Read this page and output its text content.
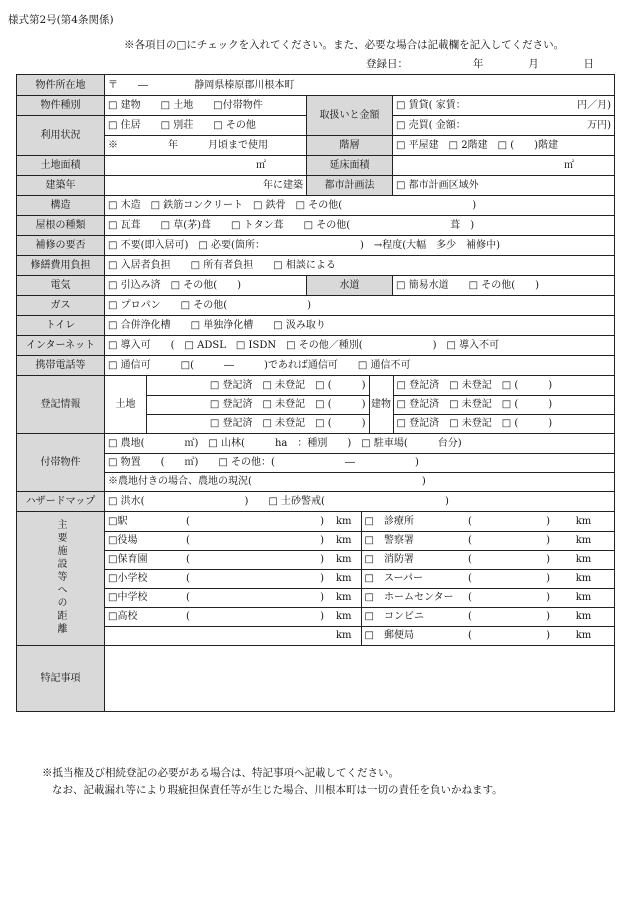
様式第2号(第4条関係)
※各項目の□にチェックを入れてください。また、必要な場合は記載欄を記入してください。
登録日：	年	月	日
物件所在地	〒　　―	静岡県榛原郡川根本町
物件種別	□ 建物　　□ 土地　　□付帯物件	取扱いと金額	□ 賃貸( 家賃：	円／月)

利用状況	□ 住居　　□ 別荘　　□ その他	□ 売買( 金額：	万円)

※　　　　　年　　　月頃まで使用	階層	□ 平屋建　□ 2階建　□ (　　)階建
土地面積	㎡	延床面積	㎡
建築年	年に建築	都市計画法	□ 都市計画区域外
構造	□ 木造　□ 鉄筋コンクリート　□ 鉄骨　□ その他(　　　　　　　　　　　　　)
屋根の種類	□ 瓦葺　　□ 草(茅)葺　　□ トタン葺　　□ その他(　　　　　　　　　　葺　)
補修の要否	□ 不要(即入居可)　□ 必要(箇所：　　　　　　　　　　)　→程度(大幅　多少　補修中)
修繕費用負担	□ 入居者負担　　□ 所有者負担　　□ 相談による
電気	□ 引込み済　□ その他(　　)	水道	□ 簡易水道　　□ その他(　　)
ガス	□ プロパン　　□ その他(　　　　　　　　)
トイレ	□ 合併浄化槽　　□ 単独浄化槽　　□ 汲み取り
インターネット	□ 導入可　　(　□ ADSL　□ ISDN　□ その他／種別(　　　　　　　)　□ 導入不可
携帯電話等	□ 通信可　　　□(　　　―　　　)であれば通信可　　□ 通信不可
登記情報	土地	
□ 登記済　□ 未登記　□ (　　　)	建物	□ 登記済　□ 未登記　□ (　　　)
□ 登記済　□ 未登記　□ (　　　)	□ 登記済　□ 未登記　□ (　　　)
□ 登記済　□ 未登記　□ (　　　)	□ 登記済　□ 未登記　□ (　　　)

付帯物件	
□ 農地(　　　　㎡)　□ 山林(　　　ha　：種別　　)　□ 駐車場(　　　台分)
□ 物置　　(　　㎡)　　□ その他：(　　　　　　　―　　　　　　)
※農地付きの場合、農地の現況(　　　　　　　　　　　　　　　　　)

ハザードマップ	□ 洪水(　　　　　　　　　　)　　□ 土砂警戒(　　　　　　　　　　　　)
主要施設等への距離		□駅	(	)	km	□　診療所	(	)	km
□役場	(	)	km	□　警察署	(	)	km
□保育園	(	)	km	□　消防署	(	)	km
□小学校	(	)	km	□　スーパー	(	)	km
□中学校	(	)	km	□　ホームセンター	(	)	km
□高校	(	)	km	□　コンビニ	(	)	km
			km	□　郵便局	(	)	km

特記事項	
※抵当権及び相続登記の必要がある場合は、特記事項へ記載してください。
なお、記載漏れ等により瑕疵担保責任等が生じた場合、川根本町は一切の責任を負いかねます。
